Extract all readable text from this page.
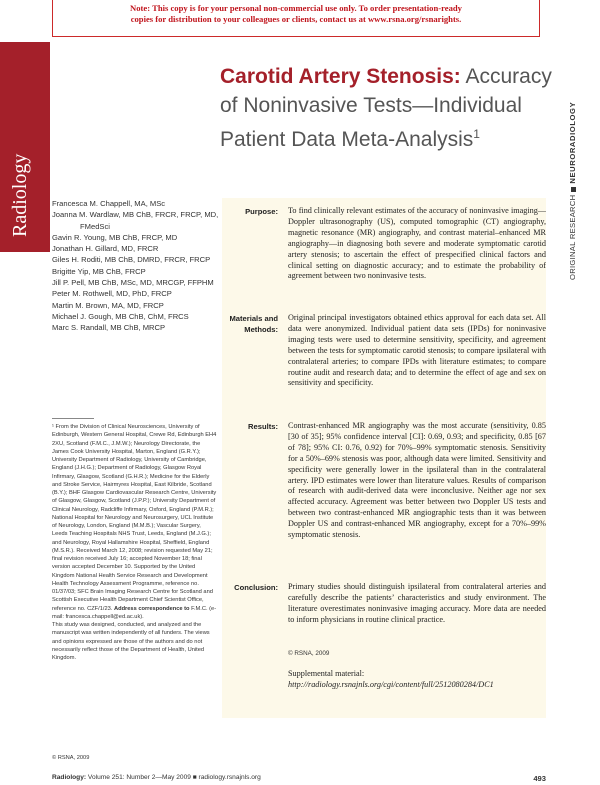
Note: This copy is for your personal non-commercial use only. To order presentation-ready
copies for distribution to your colleagues or clients, contact us at www.rsna.org/rsnarights.
Radiology	ORIGINAL RESEARCHNEURORADIOLOGY
Carotid Artery Stenosis: Accuracy of Noninvasive Tests—Individual Patient Data Meta-Analysis$^1$
Francesca M. Chappell, MA, MSc
Joanna M. Wardlaw, MB ChB, FRCR, FRCP, MD,
FMedSci
Gavin R. Young, MB ChB, FRCP, MD
Jonathan H. Gillard, MD, FRCR
Giles H. Roditi, MB ChB, DMRD, FRCR, FRCP
Brigitte Yip, MB ChB, FRCP
Jill P. Pell, MB ChB, MSc, MD, MRCGP, FFPHM
Peter M. Rothwell, MD, PhD, FRCP
Martin M. Brown, MA, MD, FRCP
Michael J. Gough, MB ChB, ChM, FRCS
Marc S. Randall, MB ChB, MRCP
¹ From the Division of Clinical Neurosciences, University of Edinburgh, Western General Hospital, Crewe Rd, Edinburgh EH4 2XU, Scotland (F.M.C., J.M.W.); Neurology Directorate, the James Cook University Hospital, Marton, England (G.R.Y.); University Department of Radiology, University of Cambridge, England (J.H.G.); Department of Radiology, Glasgow Royal Infirmary, Glasgow, Scotland (G.H.R.); Medicine for the Elderly and Stroke Service, Hairmyres Hospital, East Kilbride, Scotland (B.Y.); BHF Glasgow Cardiovascular Research Centre, University of Glasgow, Glasgow, Scotland (J.P.P.); University Department of Clinical Neurology, Radcliffe Infirmary, Oxford, England (P.M.R.); National Hospital for Neurology and Neurosurgery, UCL Institute of Neurology, London, England (M.M.B.); Vascular Surgery, Leeds Teaching Hospitals NHS Trust, Leeds, England (M.J.G.); and Neurology, Royal Hallamshire Hospital, Sheffield, England (M.S.R.). Received March 12, 2008; revision requested May 21; final revision received July 16; accepted November 18; final version accepted December 10. Supported by the United Kingdom National Health Service Research and Development Health Technology Assessment Programme, reference no. 01/37/03; SFC Brain Imaging Research Centre for Scotland and Scottish Executive Health Department Chief Scientist Office, reference no. CZF/1/23. Address correspondence to F.M.C. (e-mail: francesca.chappell@ed.ac.uk).
This study was designed, conducted, and analyzed and the manuscript was written independently of all funders. The views and opinions expressed are those of the authors and do not necessarily reflect those of the Department of Health, United Kingdom.
© RSNA, 2009
Purpose: To find clinically relevant estimates of the accuracy of noninvasive imaging—Doppler ultrasonography (US), computed tomographic (CT) angiography, magnetic resonance (MR) angiography, and contrast material–enhanced MR angiography—in diagnosing both severe and moderate symptomatic carotid artery stenosis; to ascertain the effect of prespecified clinical factors and clinical setting on diagnostic accuracy; and to estimate the probability of agreement between two noninvasive tests.
Materials and Methods:
Original principal investigators obtained ethics approval for each data set. All data were anonymized. Individual patient data sets (IPDs) for noninvasive imaging tests were used to determine sensitivity, specificity, and agreement between the tests for symptomatic carotid stenosis; to compare ipsilateral with contralateral arteries; to compare IPDs with literature estimates; to compare routine audit and research data; and to determine the effect of age and sex on sensitivity and specificity.
Results: Contrast-enhanced MR angiography was the most accurate (sensitivity, 0.85 [30 of 35]; 95% confidence interval [CI]: 0.69, 0.93; and specificity, 0.85 [67 of 78]; 95% CI: 0.76, 0.92) for 70%–99% symptomatic stenosis. Sensitivity for a 50%–69% stenosis was poor, although data were limited. Sensitivity and specificity were generally lower in the ipsilateral than in the contralateral artery. IPD estimates were lower than literature values. Results of comparison of research with audit-derived data were inconclusive. Neither age nor sex affected accuracy. Agreement was better between two Doppler US tests and between two contrast-enhanced MR angiographic tests than it was between Doppler US and contrast-enhanced MR angiography, except for a 70%–99% symptomatic stenosis.
Conclusion: Primary studies should distinguish ipsilateral from contralateral arteries and carefully describe the patients’ characteristics and study environment. The literature overestimates noninvasive imaging accuracy. More data are needed to inform physicians in routine clinical practice.
© RSNA, 2009
Supplemental material: http://radiology.rsnajnls.org/cgi/content/full/2512080284/DC1
Radiology: Volume 251: Number 2—May 2009 ■ radiology.rsnajnls.org	493
